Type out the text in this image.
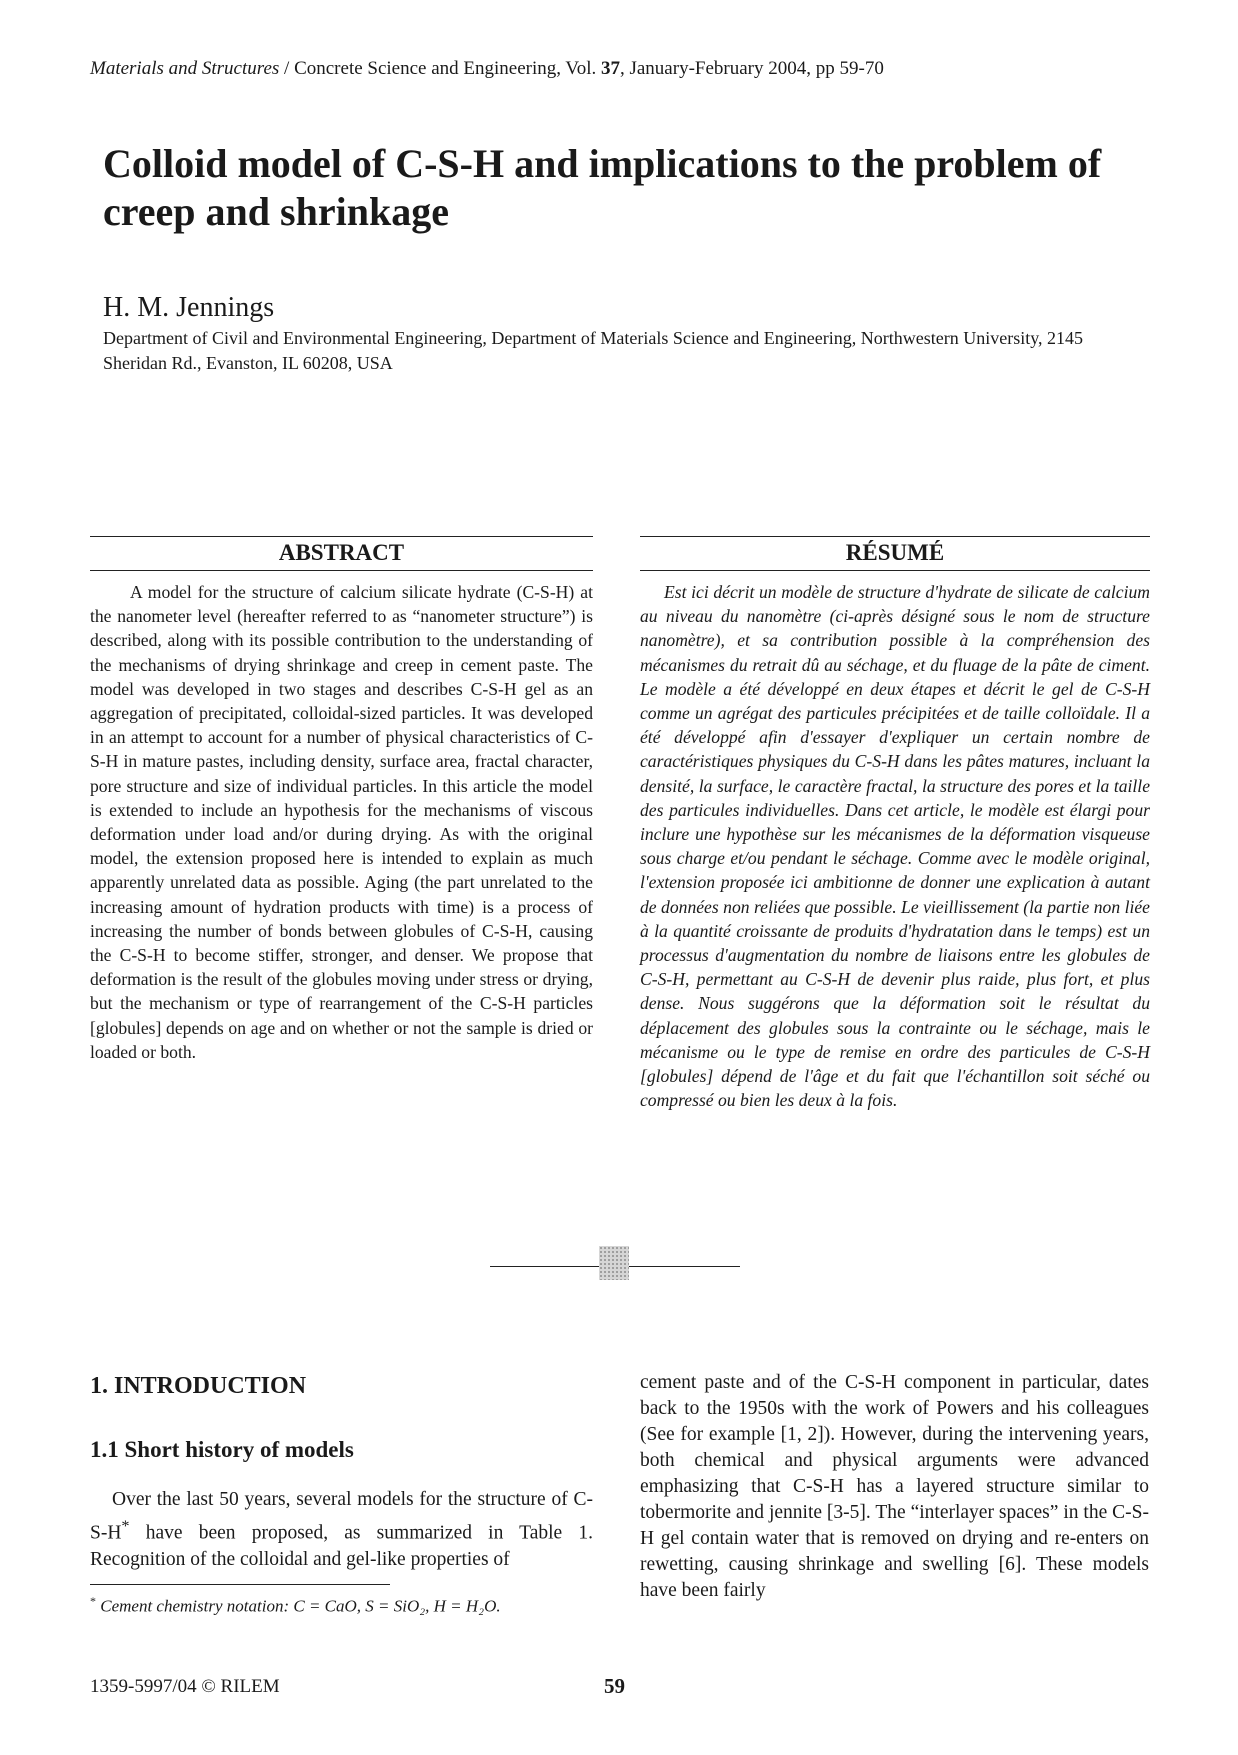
Materials and Structures / Concrete Science and Engineering, Vol. 37, January-February 2004, pp 59-70
Colloid model of C-S-H and implications to the problem of creep and shrinkage
H. M. Jennings

Department of Civil and Environmental Engineering, Department of Materials Science and Engineering, Northwestern University, 2145 Sheridan Rd., Evanston, IL 60208, USA

ABSTRACT

A model for the structure of calcium silicate hydrate (C-S-H) at the nanometer level (hereafter referred to as “nanometer structure”) is described, along with its possible contribution to the understanding of the mechanisms of drying shrinkage and creep in cement paste. The model was developed in two stages and describes C-S-H gel as an aggregation of precipitated, colloidal-sized particles. It was developed in an attempt to account for a number of physical characteristics of C-S-H in mature pastes, including density, surface area, fractal character, pore structure and size of individual particles. In this article the model is extended to include an hypothesis for the mechanisms of viscous deformation under load and/or during drying. As with the original model, the extension proposed here is intended to explain as much apparently unrelated data as possible. Aging (the part unrelated to the increasing amount of hydration products with time) is a process of increasing the number of bonds between globules of C-S-H, causing the C-S-H to become stiffer, stronger, and denser. We propose that deformation is the result of the globules moving under stress or drying, but the mechanism or type of rearrangement of the C-S-H particles [globules] depends on age and on whether or not the sample is dried or loaded or both.

RÉSUMÉ

Est ici décrit un modèle de structure d'hydrate de silicate de calcium au niveau du nanomètre (ci-après désigné sous le nom de structure nanomètre), et sa contribution possible à la compréhension des mécanismes du retrait dû au séchage, et du fluage de la pâte de ciment. Le modèle a été développé en deux étapes et décrit le gel de C-S-H comme un agrégat des particules précipitées et de taille colloïdale. Il a été développé afin d'essayer d'expliquer un certain nombre de caractéristiques physiques du C-S-H dans les pâtes matures, incluant la densité, la surface, le caractère fractal, la structure des pores et la taille des particules individuelles. Dans cet article, le modèle est élargi pour inclure une hypothèse sur les mécanismes de la déformation visqueuse sous charge et/ou pendant le séchage. Comme avec le modèle original, l'extension proposée ici ambitionne de donner une explication à autant de données non reliées que possible. Le vieillissement (la partie non liée à la quantité croissante de produits d'hydratation dans le temps) est un processus d'augmentation du nombre de liaisons entre les globules de C-S-H, permettant au C-S-H de devenir plus raide, plus fort, et plus dense. Nous suggérons que la déformation soit le résultat du déplacement des globules sous la contrainte ou le séchage, mais le mécanisme ou le type de remise en ordre des particules de C-S-H [globules] dépend de l'âge et du fait que l'échantillon soit séché ou compressé ou bien les deux à la fois.

1. INTRODUCTION
1.1 Short history of models

Over the last 50 years, several models for the structure of C-S-H* have been proposed, as summarized in Table 1. Recognition of the colloidal and gel-like properties of

cement paste and of the C-S-H component in particular, dates back to the 1950s with the work of Powers and his colleagues (See for example [1, 2]). However, during the intervening years, both chemical and physical arguments were advanced emphasizing that C-S-H has a layered structure similar to tobermorite and jennite [3-5]. The “interlayer spaces” in the C-S-H gel contain water that is removed on drying and re-enters on rewetting, causing shrinkage and swelling [6]. These models have been fairly

* Cement chemistry notation: C = CaO, S = SiO₂, H = H₂O.
1359-5997/04 © RILEM	59
